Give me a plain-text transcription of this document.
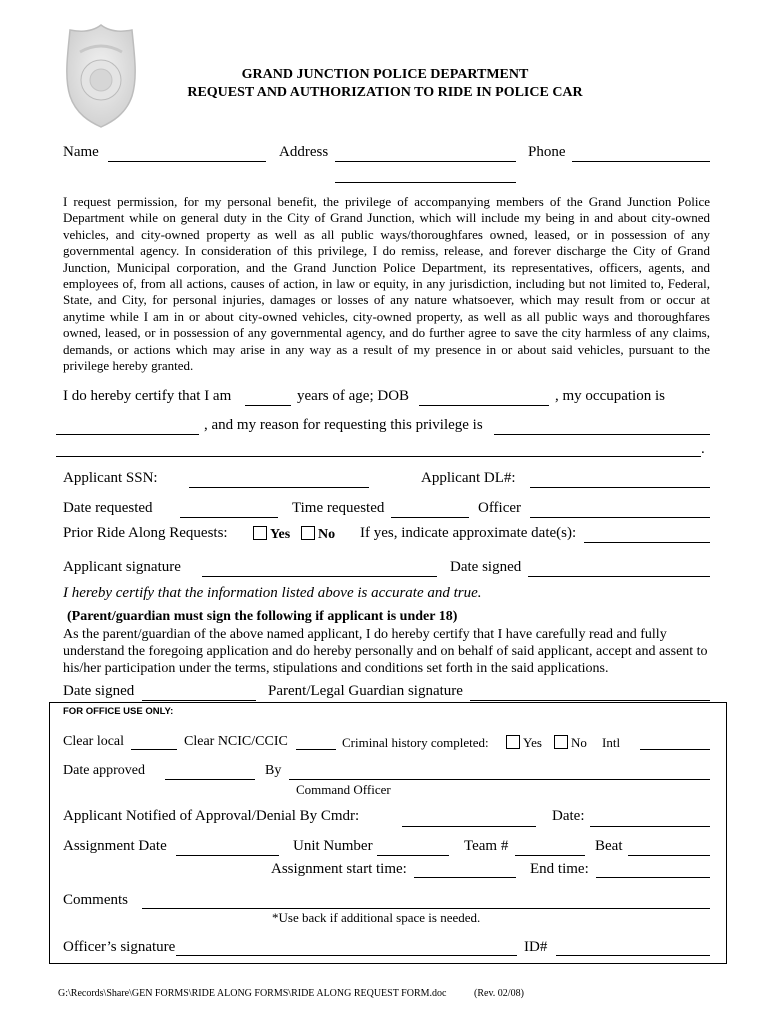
GRAND JUNCTION POLICE DEPARTMENT
REQUEST AND AUTHORIZATION TO RIDE IN POLICE CAR
Name	Address	Phone
I request permission, for my personal benefit, the privilege of accompanying members of the Grand Junction Police Department while on general duty in the City of Grand Junction, which will include my being in and about city-owned vehicles, and city-owned property as well as all public ways/thoroughfares owned, leased, or in possession of any governmental agency. In consideration of this privilege, I do remiss, release, and forever discharge the City of Grand Junction, Municipal corporation, and the Grand Junction Police Department, its representatives, officers, agents, and employees of, from all actions, causes of action, in law or equity, in any jurisdiction, including but not limited to, Federal, State, and City, for personal injuries, damages or losses of any nature whatsoever, which may result from or occur at anytime while I am in or about city-owned vehicles, city-owned property, as well as all public ways and thoroughfares owned, leased, or in possession of any governmental agency, and do further agree to save the city harmless of any claims, demands, or actions which may arise in any way as a result of my presence in or about said vehicles, pursuant to the privilege hereby granted.
I do hereby certify that I am	years of age; DOB	, my occupation is
, and my reason for requesting this privilege is
.
Applicant SSN:	Applicant DL#:
Date requested	Time requested	Officer
Prior Ride Along Requests:	Yes	No If yes, indicate approximate date(s):
Applicant signature	Date signed
I hereby certify that the information listed above is accurate and true.
(Parent/guardian must sign the following if applicant is under 18)
As the parent/guardian of the above named applicant, I do hereby certify that I have carefully read and fully understand the foregoing application and do hereby personally and on behalf of said applicant, accept and assent to his/her participation under the terms, stipulations and conditions set forth in the said applications.
Date signed	Parent/Legal Guardian signature
FOR OFFICE USE ONLY:
Clear local	Clear NCIC/CCIC	Criminal history completed:	Yes	No Intl
Date approved	By
Command Officer
Applicant Notified of Approval/Denial By Cmdr:	Date:
Assignment Date	Unit Number	Team #	Beat
Assignment start time:	End time:
Comments
*Use back if additional space is needed.
Officer’s signature	ID#
G:\Records\Share\GEN FORMS\RIDE ALONG FORMS\RIDE ALONG REQUEST FORM.doc	(Rev. 02/08)
